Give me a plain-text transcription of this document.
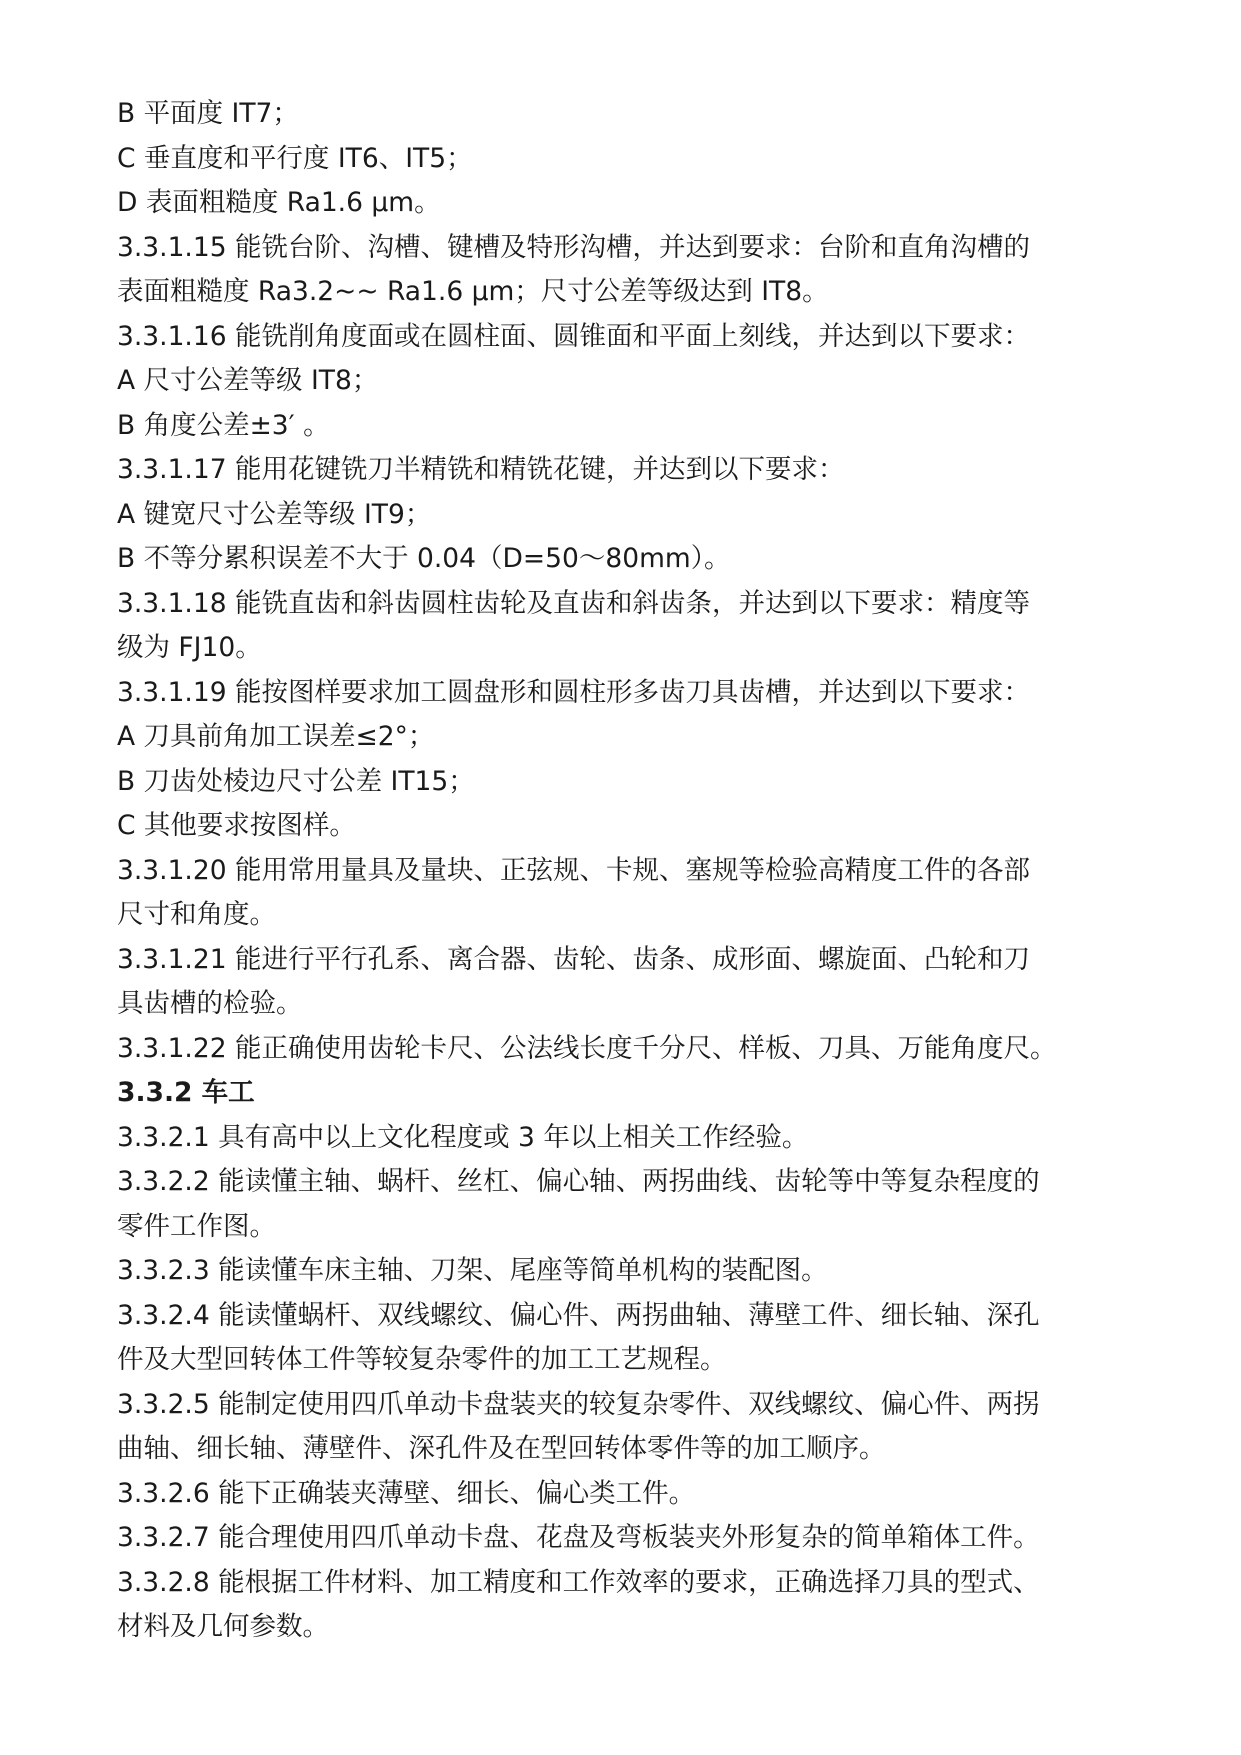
B 平面度 IT7；
C 垂直度和平行度 IT6、IT5；
D 表面粗糙度 Ra1.6 μm。
3.3.1.15 能铣台阶、沟槽、键槽及特形沟槽，并达到要求：台阶和直角沟槽的
表面粗糙度 Ra3.2~~ Ra1.6 μm；尺寸公差等级达到 IT8。
3.3.1.16 能铣削角度面或在圆柱面、圆锥面和平面上刻线，并达到以下要求：
A 尺寸公差等级 IT8；
B 角度公差±3′ 。
3.3.1.17 能用花键铣刀半精铣和精铣花键，并达到以下要求：
A 键宽尺寸公差等级 IT9；
B 不等分累积误差不大于 0.04（D=50～80mm）。
3.3.1.18 能铣直齿和斜齿圆柱齿轮及直齿和斜齿条，并达到以下要求：精度等
级为 FJ10。
3.3.1.19 能按图样要求加工圆盘形和圆柱形多齿刀具齿槽，并达到以下要求：
A 刀具前角加工误差≤2°；
B 刀齿处棱边尺寸公差 IT15；
C 其他要求按图样。
3.3.1.20 能用常用量具及量块、正弦规、卡规、塞规等检验高精度工件的各部
尺寸和角度。
3.3.1.21 能进行平行孔系、离合器、齿轮、齿条、成形面、螺旋面、凸轮和刀
具齿槽的检验。
3.3.1.22 能正确使用齿轮卡尺、公法线长度千分尺、样板、刀具、万能角度尺。
3.3.2 车工
3.3.2.1 具有高中以上文化程度或 3 年以上相关工作经验。
3.3.2.2 能读懂主轴、蜗杆、丝杠、偏心轴、两拐曲线、齿轮等中等复杂程度的
零件工作图。
3.3.2.3 能读懂车床主轴、刀架、尾座等简单机构的装配图。
3.3.2.4 能读懂蜗杆、双线螺纹、偏心件、两拐曲轴、薄壁工件、细长轴、深孔
件及大型回转体工件等较复杂零件的加工工艺规程。
3.3.2.5 能制定使用四爪单动卡盘装夹的较复杂零件、双线螺纹、偏心件、两拐
曲轴、细长轴、薄壁件、深孔件及在型回转体零件等的加工顺序。
3.3.2.6 能下正确装夹薄壁、细长、偏心类工件。
3.3.2.7 能合理使用四爪单动卡盘、花盘及弯板装夹外形复杂的简单箱体工件。
3.3.2.8 能根据工件材料、加工精度和工作效率的要求，正确选择刀具的型式、
材料及几何参数。
